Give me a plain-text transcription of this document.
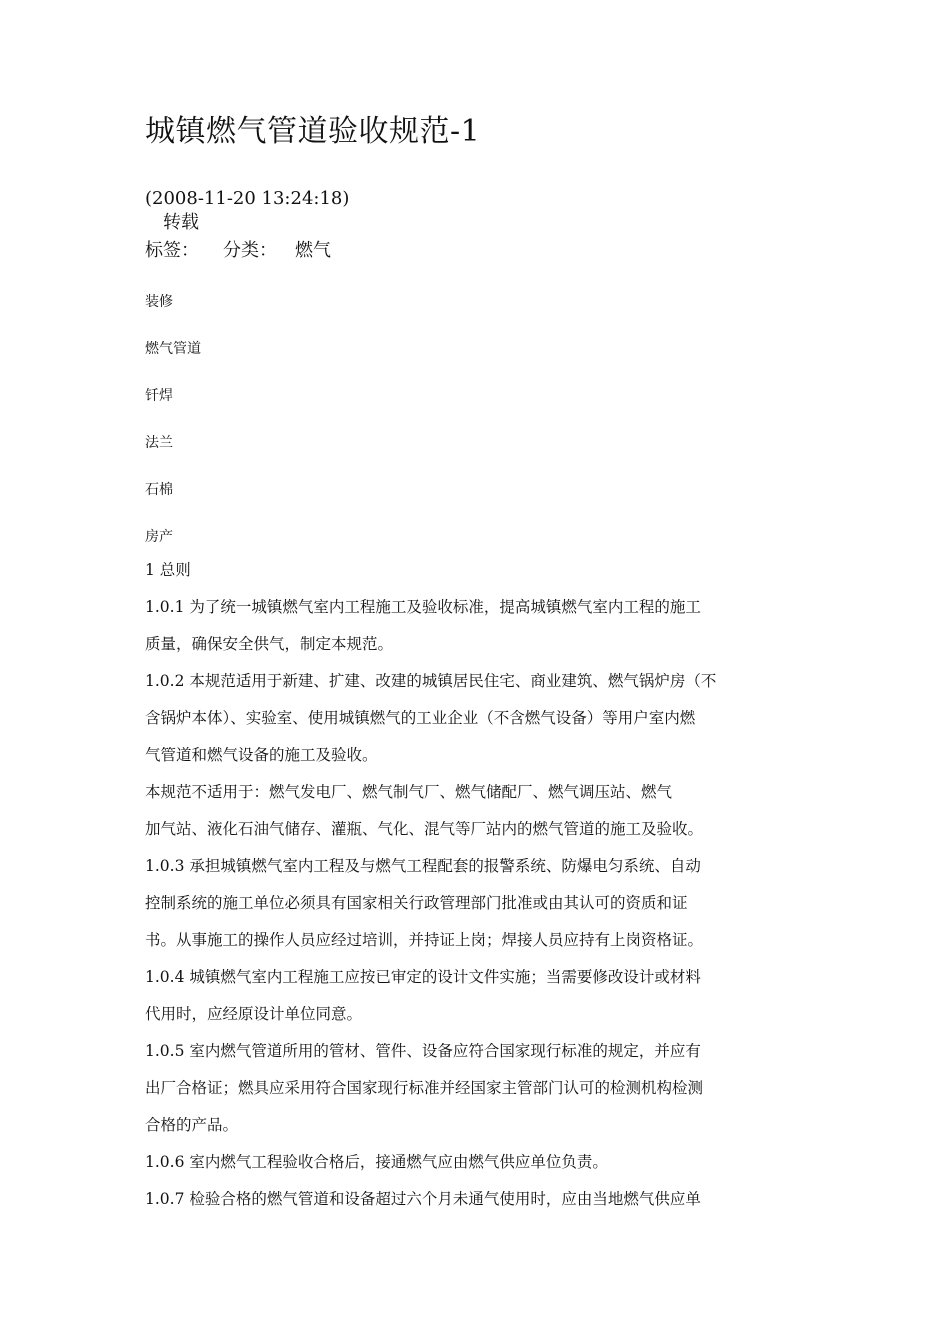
城镇燃气管道验收规范-1
(2008-11-20 13:24:18)
转载
标签： 分类： 燃气
装修
燃气管道
钎焊
法兰
石棉
房产
1 总则
1.0.1 为了统一城镇燃气室内工程施工及验收标准，提高城镇燃气室内工程的施工
质量，确保安全供气，制定本规范。
1.0.2 本规范适用于新建、扩建、改建的城镇居民住宅、商业建筑、燃气锅炉房（不
含锅炉本体）、实验室、使用城镇燃气的工业企业（不含燃气设备）等用户室内燃
气管道和燃气设备的施工及验收。
本规范不适用于：燃气发电厂、燃气制气厂、燃气储配厂、燃气调压站、燃气
加气站、液化石油气储存、灌瓶、气化、混气等厂站内的燃气管道的施工及验收。
1.0.3 承担城镇燃气室内工程及与燃气工程配套的报警系统、防爆电匀系统、自动
控制系统的施工单位必须具有国家相关行政管理部门批准或由其认可的资质和证
书。从事施工的操作人员应经过培训，并持证上岗；焊接人员应持有上岗资格证。
1.0.4 城镇燃气室内工程施工应按已审定的设计文件实施；当需要修改设计或材料
代用时，应经原设计单位同意。
1.0.5 室内燃气管道所用的管材、管件、设备应符合国家现行标准的规定，并应有
出厂合格证；燃具应采用符合国家现行标准并经国家主管部门认可的检测机构检测
合格的产品。
1.0.6 室内燃气工程验收合格后，接通燃气应由燃气供应单位负责。
1.0.7 检验合格的燃气管道和设备超过六个月未通气使用时，应由当地燃气供应单
